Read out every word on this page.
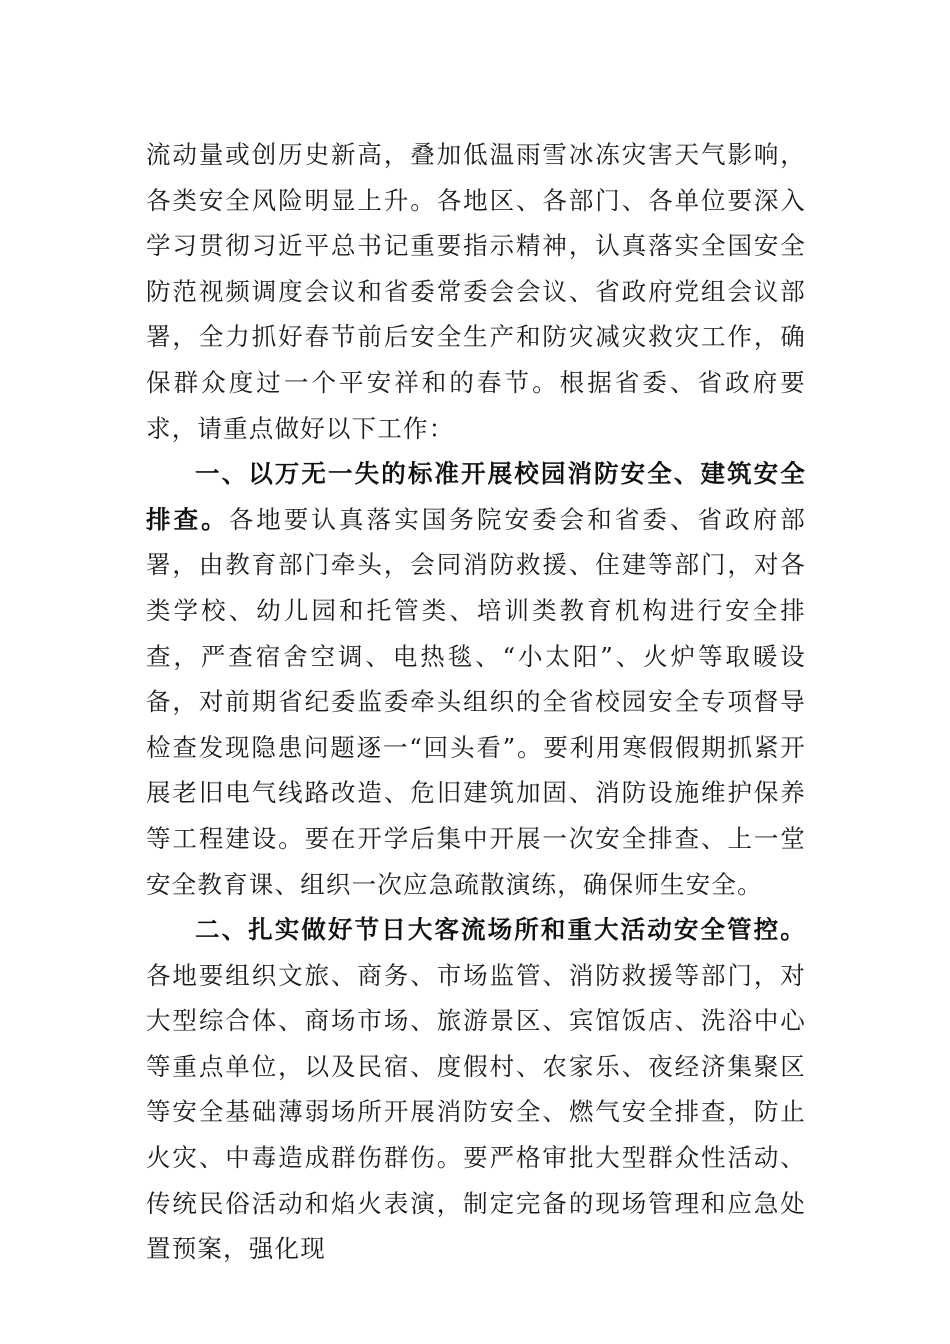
流动量或创历史新高，叠加低温雨雪冰冻灾害天气影响，各类安全风险明显上升。各地区、各部门、各单位要深入学习贯彻习近平总书记重要指示精神，认真落实全国安全防范视频调度会议和省委常委会会议、省政府党组会议部署，全力抓好春节前后安全生产和防灾减灾救灾工作，确保群众度过一个平安祥和的春节。根据省委、省政府要求，请重点做好以下工作：

一、以万无一失的标准开展校园消防安全、建筑安全排查。各地要认真落实国务院安委会和省委、省政府部署，由教育部门牵头，会同消防救援、住建等部门，对各类学校、幼儿园和托管类、培训类教育机构进行安全排查，严查宿舍空调、电热毯、“小太阳”、火炉等取暖设备，对前期省纪委监委牵头组织的全省校园安全专项督导检查发现隐患问题逐一“回头看”。要利用寒假假期抓紧开展老旧电气线路改造、危旧建筑加固、消防设施维护保养等工程建设。要在开学后集中开展一次安全排查、上一堂安全教育课、组织一次应急疏散演练，确保师生安全。

二、扎实做好节日大客流场所和重大活动安全管控。各地要组织文旅、商务、市场监管、消防救援等部门，对大型综合体、商场市场、旅游景区、宾馆饭店、洗浴中心等重点单位，以及民宿、度假村、农家乐、夜经济集聚区等安全基础薄弱场所开展消防安全、燃气安全排查，防止火灾、中毒造成群伤群伤。要严格审批大型群众性活动、传统民俗活动和焰火表演，制定完备的现场管理和应急处置预案，强化现
